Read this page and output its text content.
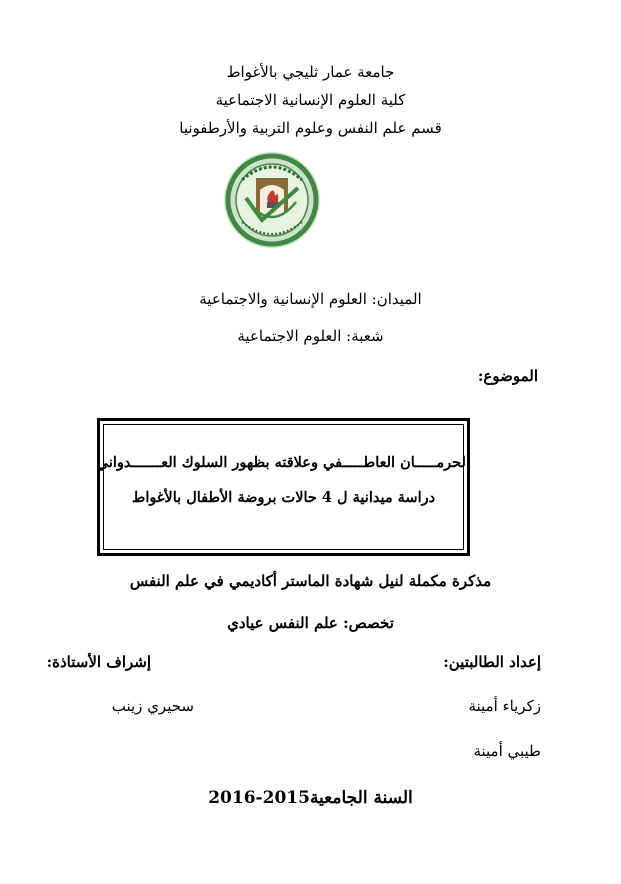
جامعة عمار ثليجي بالأغواط
كلية العلوم الإنسانية الاجتماعية
قسم علم النفس وعلوم التربية والأرطفونيا
الميدان: العلوم الإنسانية والاجتماعية
شعبة: العلوم الاجتماعية
الموضوع:
الحرمـــــان العاطـــــفي وعلاقته بظهور السلوك العـــــــدواني
دراسة ميدانية ل 4 حالات بروضة الأطفال بالأغواط
مذكرة مكملة لنيل شهادة الماستر أكاديمي في علم النفس
تخصص: علم النفس عيادي
إعداد الطالبتين:
إشراف الأستاذة:
زكرياء أمينة
سحيري زينب
طيبي أمينة
السنة الجامعية2015-2016
